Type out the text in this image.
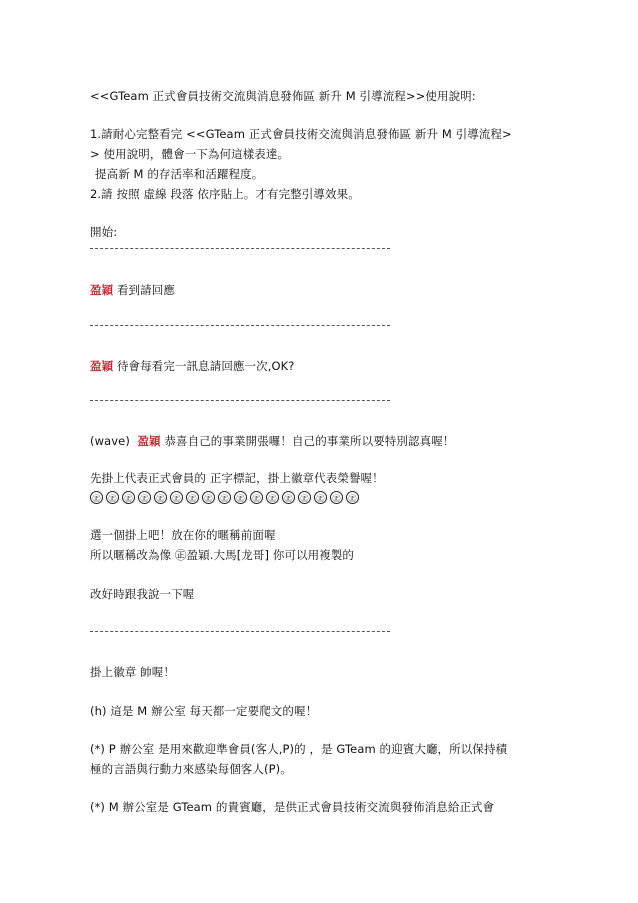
<<GTeam 正式會員技術交流與消息發佈區 新升 M 引導流程>>使用說明:
1.請耐心完整看完 <<GTeam 正式會員技術交流與消息發佈區 新升 M 引導流程>
> 使用說明，體會一下為何這樣表達。
提高新 M 的存活率和活躍程度。
2.請 按照 虛線 段落 依序貼上。才有完整引導效果。
開始:
盈穎 看到請回應
盈穎 待會每看完一訊息請回應一次,OK?
(wave) 盈穎 恭喜自己的事業開張囉！自己的事業所以要特別認真喔！
先掛上代表正式會員的 正字標記，掛上徽章代表榮譽喔！
㊣	㊣	㊣	㊣	㊣	㊣	㊣	㊣	㊣	㊣	㊣	㊣	㊣	㊣	㊣	㊣	㊣
選一個掛上吧！放在你的暱稱前面喔
所以暱稱改為像 ㊣盈穎.大馬[龙哥] 你可以用複製的
改好時跟我說一下喔
掛上徽章 帥喔！
(h) 這是 M 辦公室 每天都一定要爬文的喔！
(*) P 辦公室 是用來歡迎準會員(客人,P)的 ，是 GTeam 的迎賓大廳，所以保持積
極的言語與行動力來感染每個客人(P)。
(*) M 辦公室是 GTeam 的貴賓廳，是供正式會員技術交流與發佈消息給正式會
